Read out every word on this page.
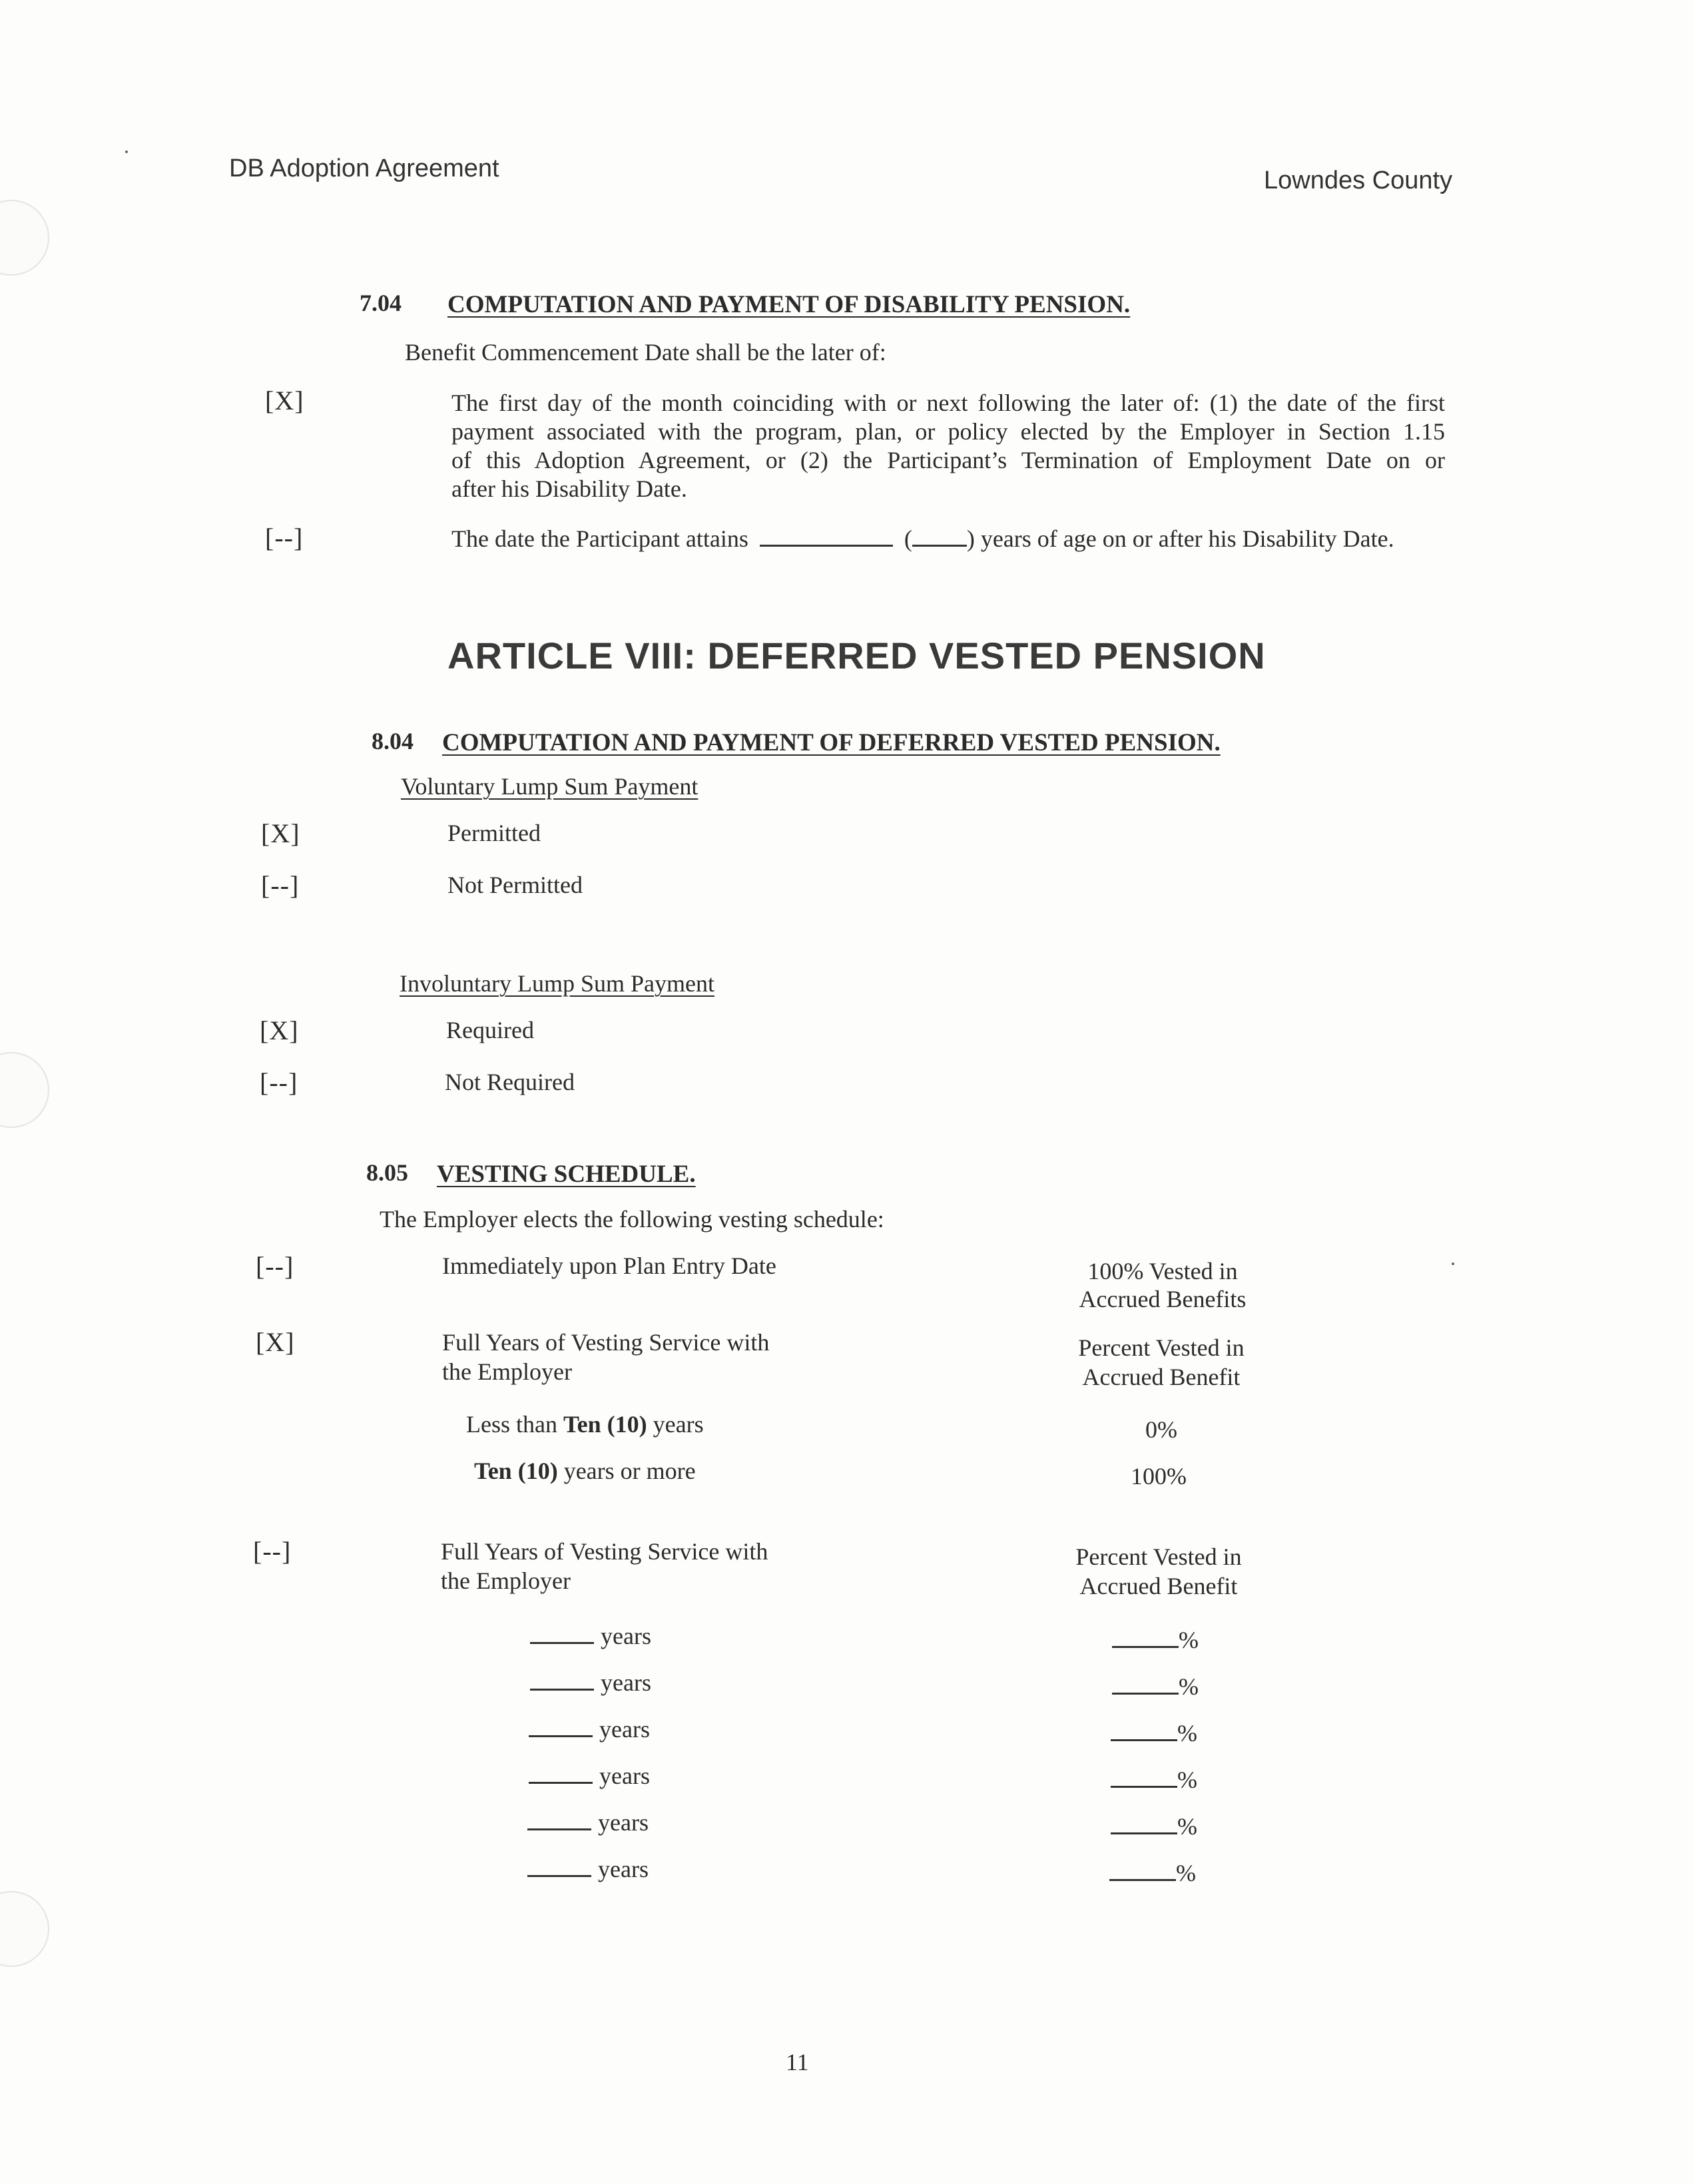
DB Adoption Agreement	Lowndes County
7.04 COMPUTATION AND PAYMENT OF DISABILITY PENSION.
Benefit Commencement Date shall be the later of:
[X]	The first day of the month coinciding with or next following the later of: (1) the date of the first
payment associated with the program, plan, or policy elected by the Employer in Section 1.15
of this Adoption Agreement, or (2) the Participant’s Termination of Employment Date on or
after his Disability Date.
[--]	The date the Participant attains	( ) years of age on or after his Disability Date.
ARTICLE VIII: DEFERRED VESTED PENSION
8.04 COMPUTATION AND PAYMENT OF DEFERRED VESTED PENSION.
Voluntary Lump Sum Payment
[X]	Permitted
[--]	Not Permitted
Involuntary Lump Sum Payment
[X]	Required
[--]	Not Required
8.05 VESTING SCHEDULE.
The Employer elects the following vesting schedule:
[--]	Immediately upon Plan Entry Date	100% Vested in
Accrued Benefits
[X]	Full Years of Vesting Service with
the Employer
Percent Vested in
Accrued Benefit
Less than Ten (10) years	0%
Ten (10) years or more	100%
[--]	Full Years of Vesting Service with
the Employer
Percent Vested in
Accrued Benefit
years	%
years	%
years	%
years	%
years	%
years	%
11
